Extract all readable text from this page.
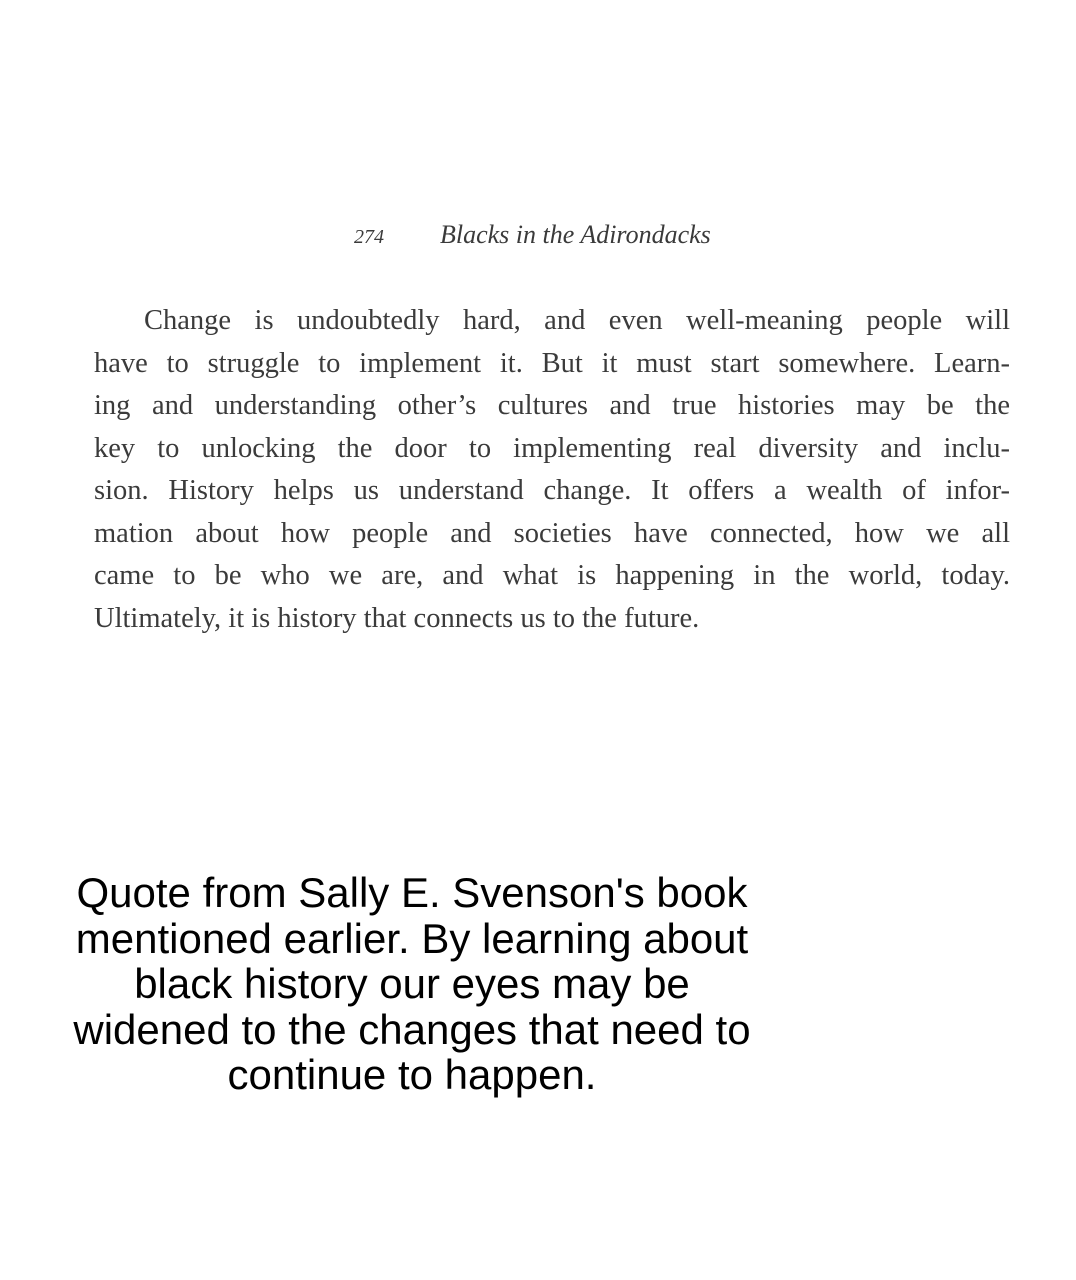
274 Blacks in the Adirondacks
Change is undoubtedly hard, and even well-meaning people will
have to struggle to implement it. But it must start somewhere. Learn-
ing and understanding other’s cultures and true histories may be the
key to unlocking the door to implementing real diversity and inclu-
sion. History helps us understand change. It offers a wealth of infor-
mation about how people and societies have connected, how we all
came to be who we are, and what is happening in the world, today.
Ultimately, it is history that connects us to the future.
Quote from Sally E. Svenson's book
mentioned earlier. By learning about
black history our eyes may be
widened to the changes that need to
continue to happen.
